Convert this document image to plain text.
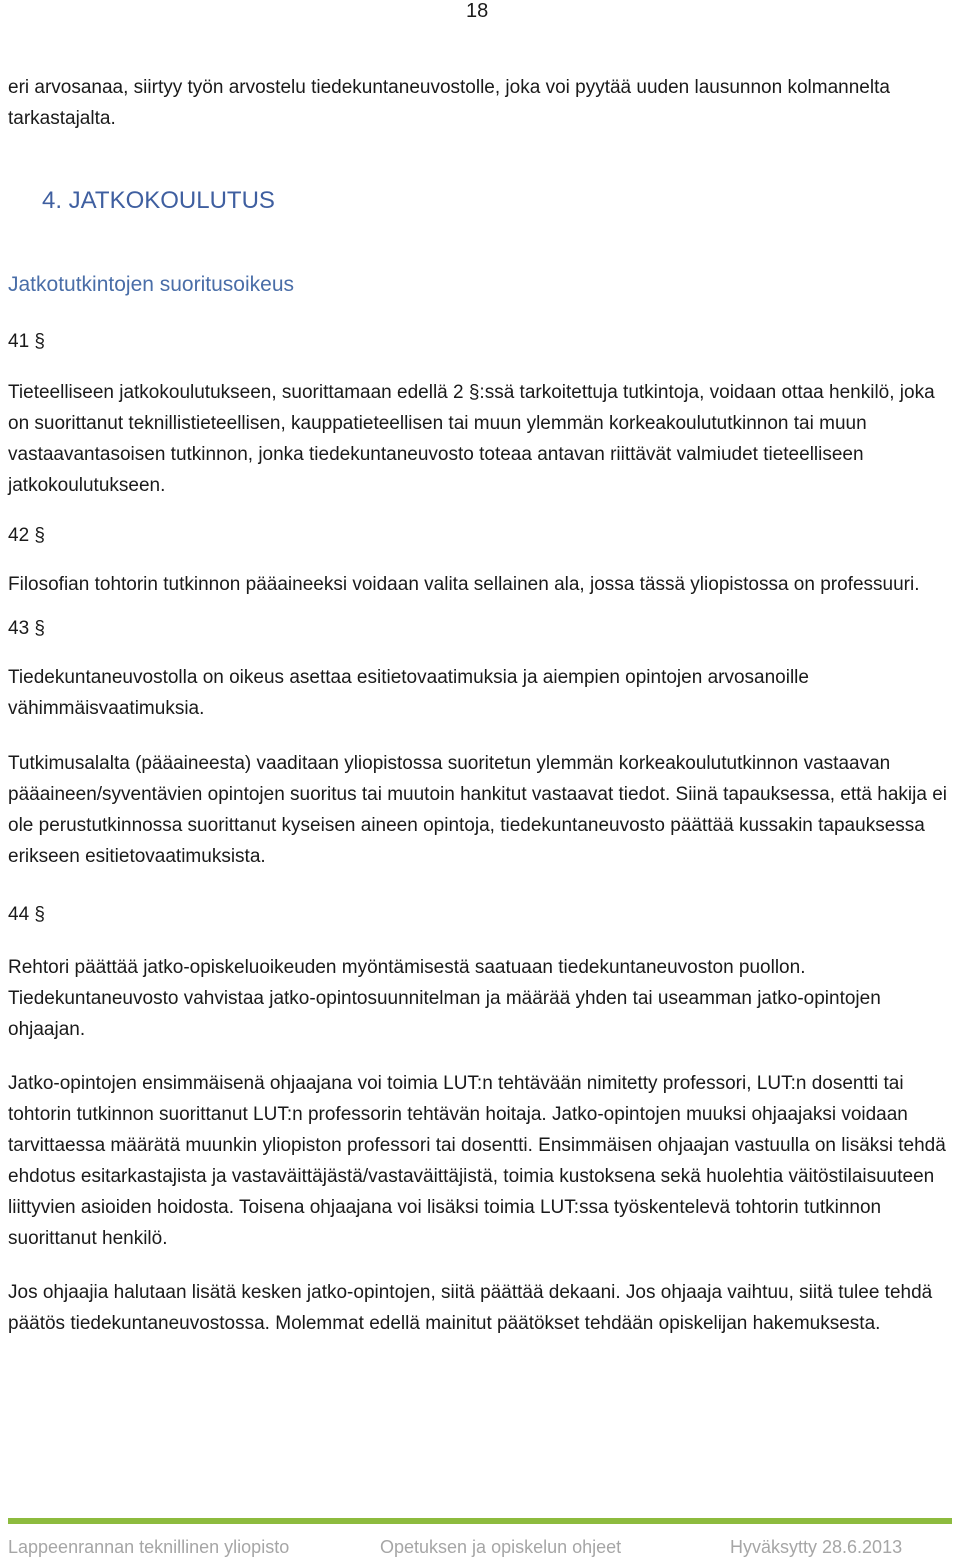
18

eri arvosanaa, siirtyy työn arvostelu tiedekuntaneuvostolle, joka voi pyytää uuden lausunnon kolmannelta tarkastajalta.

4. JATKOKOULUTUS
Jatkotutkintojen suoritusoikeus

41 §

Tieteelliseen jatkokoulutukseen, suorittamaan edellä 2 §:ssä tarkoitettuja tutkintoja, voidaan ottaa henkilö, joka on suorittanut teknillistieteellisen, kauppatieteellisen tai muun ylemmän korkeakoulututkinnon tai muun vastaavantasoisen tutkinnon, jonka tiedekuntaneuvosto toteaa antavan riittävät valmiudet tieteelliseen jatkokoulutukseen.

42 §

Filosofian tohtorin tutkinnon pääaineeksi voidaan valita sellainen ala, jossa tässä yliopistossa on professuuri.

43 §

Tiedekuntaneuvostolla on oikeus asettaa esitietovaatimuksia ja aiempien opintojen arvosanoille vähimmäisvaatimuksia.

Tutkimusalalta (pääaineesta) vaaditaan yliopistossa suoritetun ylemmän korkeakoulututkinnon vastaavan pääaineen/syventävien opintojen suoritus tai muutoin hankitut vastaavat tiedot. Siinä tapauksessa, että hakija ei ole perustutkinnossa suorittanut kyseisen aineen opintoja, tiedekuntaneuvosto päättää kussakin tapauksessa erikseen esitietovaatimuksista.

44 §

Rehtori päättää jatko-opiskeluoikeuden myöntämisestä saatuaan tiedekuntaneuvoston puollon. Tiedekuntaneuvosto vahvistaa jatko-opintosuunnitelman ja määrää yhden tai useamman jatko-opintojen ohjaajan.

Jatko-opintojen ensimmäisenä ohjaajana voi toimia LUT:n tehtävään nimitetty professori, LUT:n dosentti tai tohtorin tutkinnon suorittanut LUT:n professorin tehtävän hoitaja. Jatko-opintojen muuksi ohjaajaksi voidaan tarvittaessa määrätä muunkin yliopiston professori tai dosentti. Ensimmäisen ohjaajan vastuulla on lisäksi tehdä ehdotus esitarkastajista ja vastaväittäjästä/vastaväittäjistä, toimia kustoksena sekä huolehtia väitöstilaisuuteen liittyvien asioiden hoidosta. Toisena ohjaajana voi lisäksi toimia LUT:ssa työskentelevä tohtorin tutkinnon suorittanut henkilö.

Jos ohjaajia halutaan lisätä kesken jatko-opintojen, siitä päättää dekaani. Jos ohjaaja vaihtuu, siitä tulee tehdä päätös tiedekuntaneuvostossa. Molemmat edellä mainitut päätökset tehdään opiskelijan hakemuksesta.

Lappeenrannan teknillinen yliopisto	Opetuksen ja opiskelun ohjeet	Hyväksytty 28.6.2013
